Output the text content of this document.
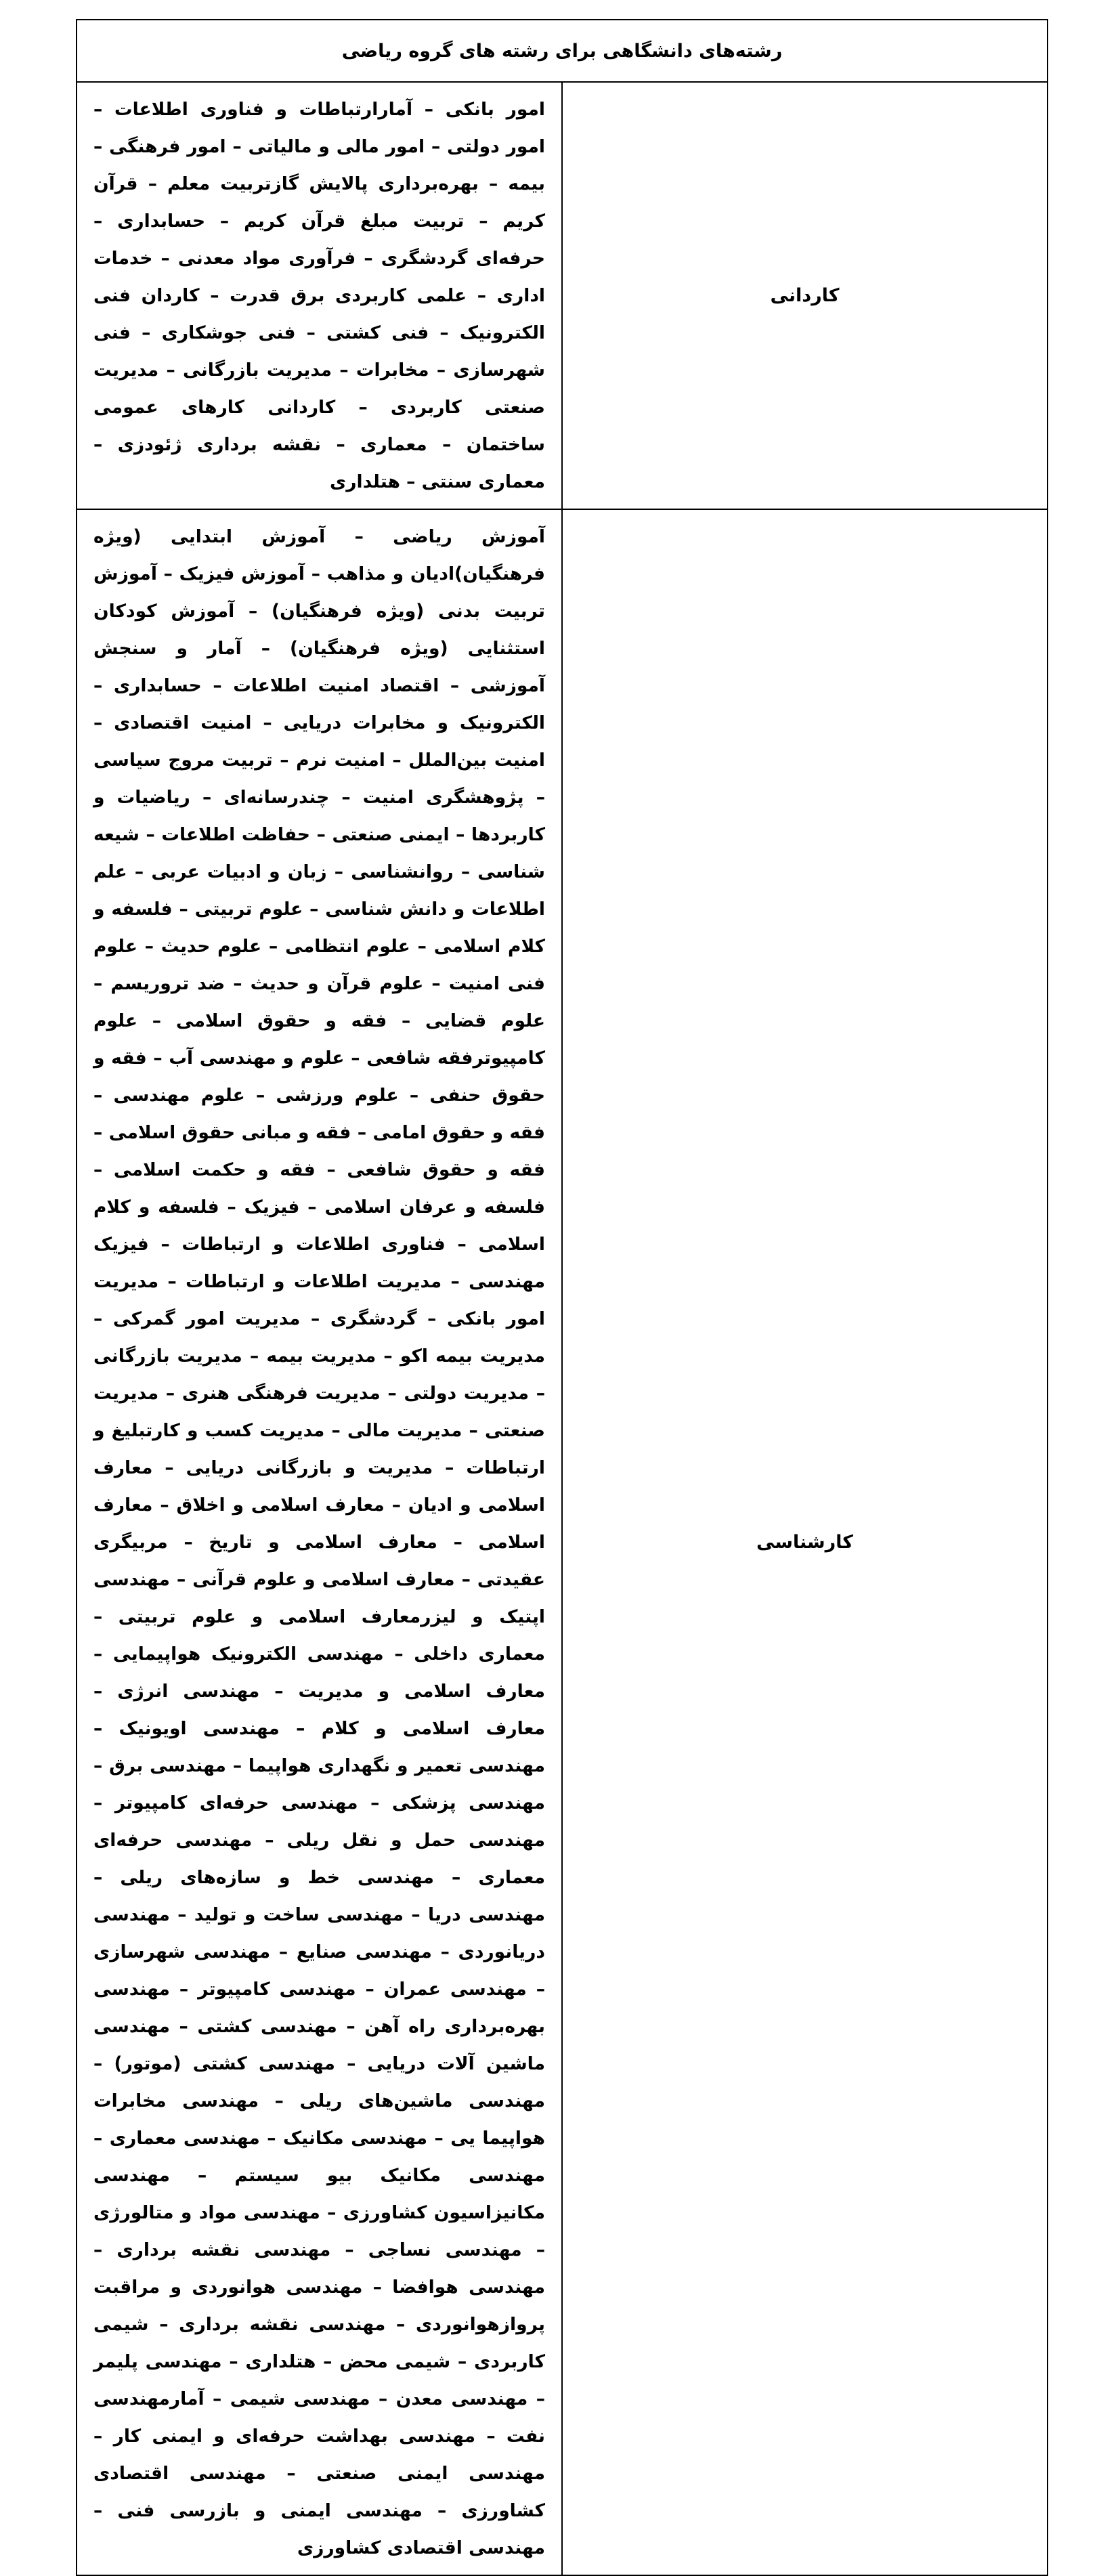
رشته‌های دانشگاهی برای رشته های گروه ریاضی	
کاردانی	امور بانکی – آمارارتباطات و فناوری اطلاعات – امور دولتی – امور مالی و مالیاتی – امور فرهنگی – بیمه – بهره‌برداری پالایش گازتربیت معلم – قرآن کریم – تربیت مبلغ قرآن کریم – حسابداری – حرفه‌ای گردشگری – فرآوری مواد معدنی – خدمات اداری – علمی کاربردی برق قدرت – کاردان فنی الکترونیک – فنی کشتی – فنی جوشکاری – فنی شهرسازی – مخابرات – مدیریت بازرگانی – مدیریت صنعتی کاربردی – کاردانی کارهای عمومی ساختمان – معماری – نقشه برداری ژئودزی – معماری سنتی – هتلداری
کارشناسی	آموزش ریاضی – آموزش ابتدایی (ویژه فرهنگیان)ادیان و مذاهب – آموزش فیزیک – آموزش تربیت بدنی (ویژه فرهنگیان) – آموزش کودکان استثنایی (ویژه فرهنگیان) – آمار و سنجش آموزشی – اقتصاد امنیت اطلاعات – حسابداری – الکترونیک و مخابرات دریایی – امنیت اقتصادی – امنیت بین‌الملل – امنیت نرم – تربیت مروج سیاسی – پژوهشگری امنیت – چندرسانه‌ای – ریاضیات و کاربردها – ایمنی صنعتی – حفاظت اطلاعات – شیعه شناسی – روانشناسی – زبان و ادبیات عربی – علم اطلاعات و دانش شناسی – علوم تربیتی – فلسفه و کلام اسلامی – علوم انتظامی – علوم حدیث – علوم فنی امنیت – علوم قرآن و حدیث – ضد تروریسم – علوم قضایی – فقه و حقوق اسلامی – علوم کامپیوترفقه شافعی – علوم و مهندسی آب – فقه و حقوق حنفی – علوم ورزشی – علوم مهندسی – فقه و حقوق امامی – فقه و مبانی حقوق اسلامی – فقه و حقوق شافعی – فقه و حکمت اسلامی – فلسفه و عرفان اسلامی – فیزیک – فلسفه و کلام اسلامی – فناوری اطلاعات و ارتباطات – فیزیک مهندسی – مدیریت اطلاعات و ارتباطات – مدیریت امور بانکی – گردشگری – مدیریت امور گمرکی – مدیریت بیمه اکو – مدیریت بیمه – مدیریت بازرگانی – مدیریت دولتی – مدیریت فرهنگی هنری – مدیریت صنعتی – مدیریت مالی – مدیریت کسب و کارتبلیغ و ارتباطات – مدیریت و بازرگانی دریایی – معارف اسلامی و ادیان – معارف اسلامی و اخلاق – معارف اسلامی – معارف اسلامی و تاریخ – مربیگری عقیدتی – معارف اسلامی و علوم قرآنی – مهندسی اپتیک و لیزرمعارف اسلامی و علوم تربیتی – معماری داخلی – مهندسی الکترونیک هواپیمایی – معارف اسلامی و مدیریت – مهندسی انرژی – معارف اسلامی و کلام – مهندسی اویونیک – مهندسی تعمیر و نگهداری هواپیما – مهندسی برق – مهندسی پزشکی – مهندسی حرفه‌ای کامپیوتر – مهندسی حمل و نقل ریلی – مهندسی حرفه‌ای معماری – مهندسی خط و سازه‌های ریلی – مهندسی دریا – مهندسی ساخت و تولید – مهندسی دریانوردی – مهندسی صنایع – مهندسی شهرسازی – مهندسی عمران – مهندسی کامپیوتر – مهندسی بهره‌برداری راه آهن – مهندسی کشتی – مهندسی ماشین آلات دریایی – مهندسی کشتی (موتور) – مهندسی ماشین‌های ریلی – مهندسی مخابرات هواپیما یی – مهندسی مکانیک – مهندسی معماری – مهندسی مکانیک بیو سیستم – مهندسی مکانیزاسیون کشاورزی – مهندسی مواد و متالورژی – مهندسی نساجی – مهندسی نقشه برداری – مهندسی هوافضا – مهندسی هوانوردی و مراقبت پروازهوانوردی – مهندسی نقشه برداری – شیمی کاربردی – شیمی محض – هتلداری – مهندسی پلیمر – مهندسی معدن – مهندسی شیمی – آمارمهندسی نفت – مهندسی بهداشت حرفه‌ای و ایمنی کار – مهندسی ایمنی صنعتی – مهندسی اقتصادی کشاورزی – مهندسی ایمنی و بازرسی فنی – مهندسی اقتصادی کشاورزی
